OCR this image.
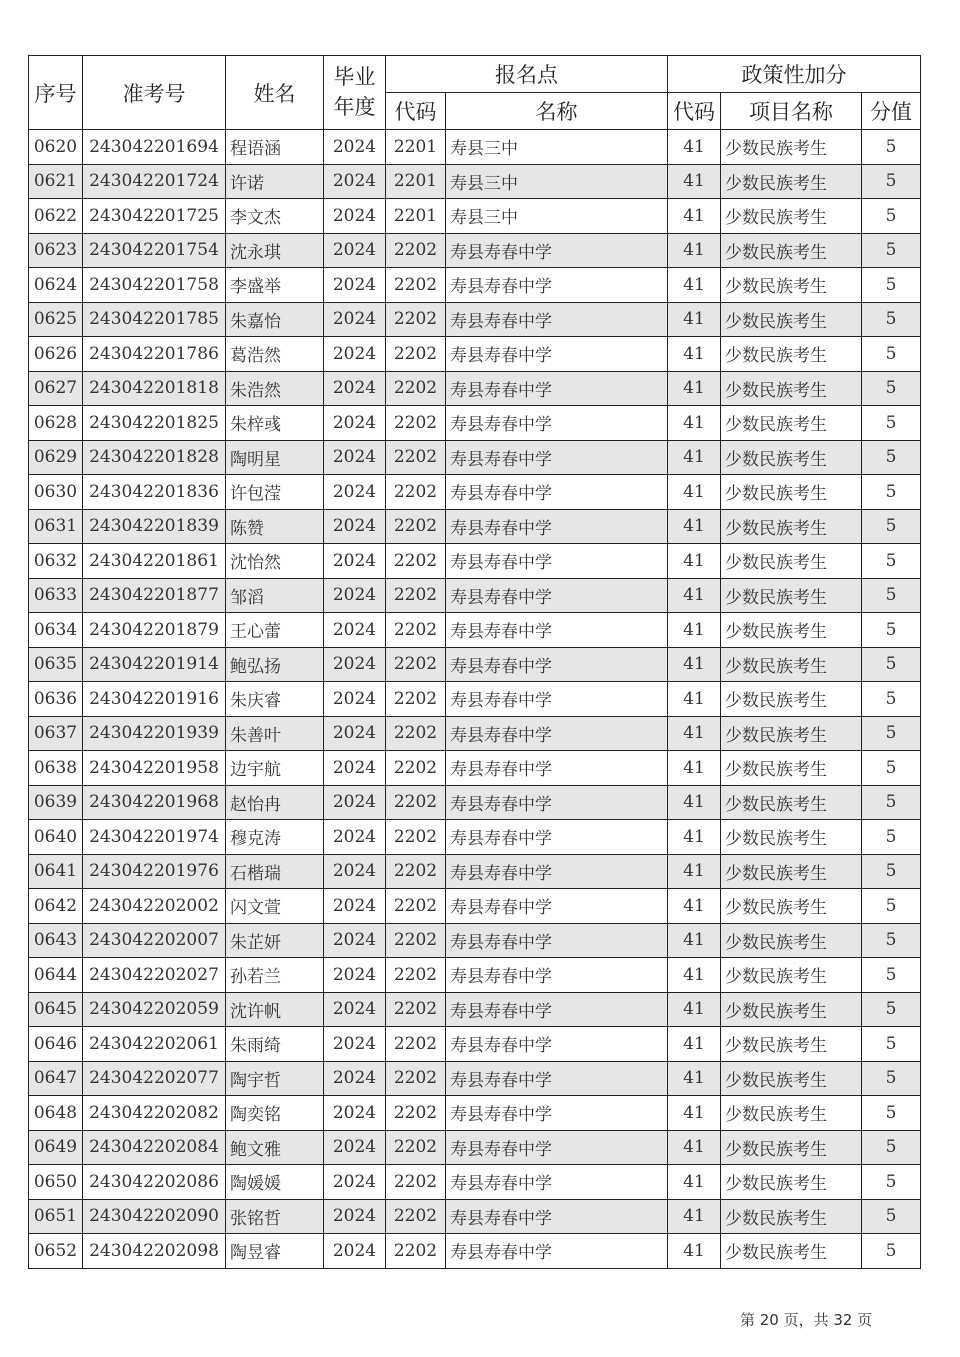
序号	准考号	姓名	毕业年度	报名点		政策性加分		
				代码	名称	代码	项目名称	分值
0620	243042201694	程语涵	2024	2201	寿县三中	41	少数民族考生	5
0621	243042201724	许诺	2024	2201	寿县三中	41	少数民族考生	5
0622	243042201725	李文杰	2024	2201	寿县三中	41	少数民族考生	5
0623	243042201754	沈永琪	2024	2202	寿县寿春中学	41	少数民族考生	5
0624	243042201758	李盛举	2024	2202	寿县寿春中学	41	少数民族考生	5
0625	243042201785	朱嘉怡	2024	2202	寿县寿春中学	41	少数民族考生	5
0626	243042201786	葛浩然	2024	2202	寿县寿春中学	41	少数民族考生	5
0627	243042201818	朱浩然	2024	2202	寿县寿春中学	41	少数民族考生	5
0628	243042201825	朱梓彧	2024	2202	寿县寿春中学	41	少数民族考生	5
0629	243042201828	陶明星	2024	2202	寿县寿春中学	41	少数民族考生	5
0630	243042201836	许包滢	2024	2202	寿县寿春中学	41	少数民族考生	5
0631	243042201839	陈赞	2024	2202	寿县寿春中学	41	少数民族考生	5
0632	243042201861	沈怡然	2024	2202	寿县寿春中学	41	少数民族考生	5
0633	243042201877	邹滔	2024	2202	寿县寿春中学	41	少数民族考生	5
0634	243042201879	王心蕾	2024	2202	寿县寿春中学	41	少数民族考生	5
0635	243042201914	鲍弘扬	2024	2202	寿县寿春中学	41	少数民族考生	5
0636	243042201916	朱庆睿	2024	2202	寿县寿春中学	41	少数民族考生	5
0637	243042201939	朱善叶	2024	2202	寿县寿春中学	41	少数民族考生	5
0638	243042201958	边宇航	2024	2202	寿县寿春中学	41	少数民族考生	5
0639	243042201968	赵怡冉	2024	2202	寿县寿春中学	41	少数民族考生	5
0640	243042201974	穆克涛	2024	2202	寿县寿春中学	41	少数民族考生	5
0641	243042201976	石楷瑞	2024	2202	寿县寿春中学	41	少数民族考生	5
0642	243042202002	闪文萱	2024	2202	寿县寿春中学	41	少数民族考生	5
0643	243042202007	朱芷妍	2024	2202	寿县寿春中学	41	少数民族考生	5
0644	243042202027	孙若兰	2024	2202	寿县寿春中学	41	少数民族考生	5
0645	243042202059	沈许帆	2024	2202	寿县寿春中学	41	少数民族考生	5
0646	243042202061	朱雨绮	2024	2202	寿县寿春中学	41	少数民族考生	5
0647	243042202077	陶宇哲	2024	2202	寿县寿春中学	41	少数民族考生	5
0648	243042202082	陶奕铭	2024	2202	寿县寿春中学	41	少数民族考生	5
0649	243042202084	鲍文雅	2024	2202	寿县寿春中学	41	少数民族考生	5
0650	243042202086	陶媛媛	2024	2202	寿县寿春中学	41	少数民族考生	5
0651	243042202090	张铭哲	2024	2202	寿县寿春中学	41	少数民族考生	5
0652	243042202098	陶昱睿	2024	2202	寿县寿春中学	41	少数民族考生	5
第 20 页，共 32 页
